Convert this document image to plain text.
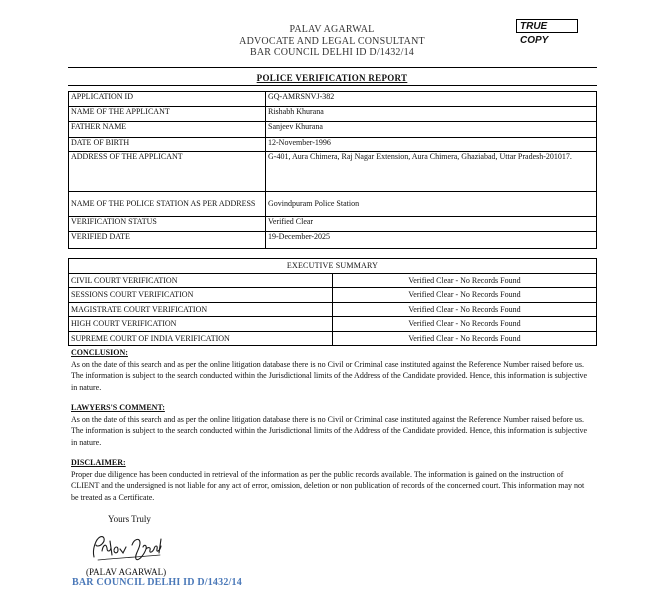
PALAV AGARWAL
ADVOCATE AND LEGAL CONSULTANT
BAR COUNCIL DELHI ID D/1432/14
TRUE COPY
POLICE VERIFICATION REPORT
APPLICATION ID	GQ-AMRSNVJ-382
NAME OF THE APPLICANT	Rishabh Khurana
FATHER NAME	Sanjeev Khurana
DATE OF BIRTH	12-November-1996
ADDRESS OF THE APPLICANT	G-401, Aura Chimera, Raj Nagar Extension, Aura Chimera, Ghaziabad, Uttar Pradesh-201017.
NAME OF THE POLICE STATION AS PER ADDRESS	Govindpuram Police Station
VERIFICATION STATUS	Verified Clear
VERIFIED DATE	19-December-2025
EXECUTIVE SUMMARY	
CIVIL COURT VERIFICATION	Verified Clear - No Records Found
SESSIONS COURT VERIFICATION	Verified Clear - No Records Found
MAGISTRATE COURT VERIFICATION	Verified Clear - No Records Found
HIGH COURT VERIFICATION	Verified Clear - No Records Found
SUPREME COURT OF INDIA VERIFICATION	Verified Clear - No Records Found
CONCLUSION:
As on the date of this search and as per the online litigation database there is no Civil or Criminal case instituted against the Reference Number raised before us. The information is subject to the search conducted within the Jurisdictional limits of the Address of the Candidate provided. Hence, this information is subjective in nature.
LAWYERS'S COMMENT:
As on the date of this search and as per the online litigation database there is no Civil or Criminal case instituted against the Reference Number raised before us. The information is subject to the search conducted within the Jurisdictional limits of the Address of the Candidate provided. Hence, this information is subjective in nature.
DISCLAIMER:
Proper due diligence has been conducted in retrieval of the information as per the public records available. The information is gained on the instruction of CLIENT and the undersigned is not liable for any act of error, omission, deletion or non publication of records of the concerned court. This information may not be treated as a Certificate.
Yours Truly
(PALAV AGARWAL)
BAR COUNCIL DELHI ID D/1432/14
